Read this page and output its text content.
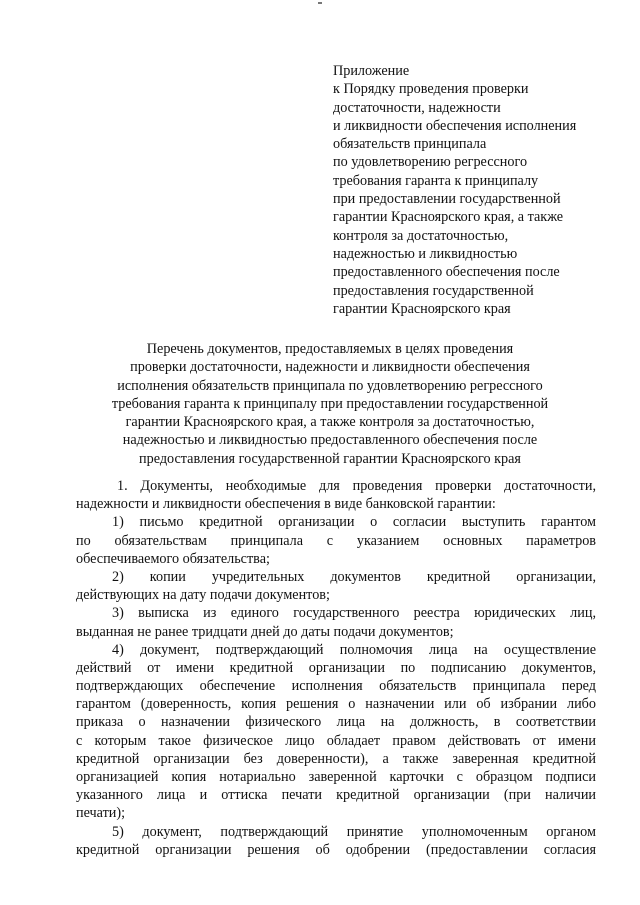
Приложение
к Порядку проведения проверки
достаточности, надежности
и ликвидности обеспечения исполнения
обязательств принципала
по удовлетворению регрессного
требования гаранта к принципалу
при предоставлении государственной
гарантии Красноярского края, а также
контроля за достаточностью,
надежностью и ликвидностью
предоставленного обеспечения после
предоставления государственной
гарантии Красноярского края
Перечень документов, предоставляемых в целях проведения
проверки достаточности, надежности и ликвидности обеспечения
исполнения обязательств принципала по удовлетворению регрессного
требования гаранта к принципалу при предоставлении государственной
гарантии Красноярского края, а также контроля за достаточностью,
надежностью и ликвидностью предоставленного обеспечения после
предоставления государственной гарантии Красноярского края
1. Документы, необходимые для проведения проверки достаточности,
надежности и ликвидности обеспечения в виде банковской гарантии:
1) письмо кредитной организации о согласии выступить гарантом
по обязательствам принципала с указанием основных параметров
обеспечиваемого обязательства;
2) копии учредительных документов кредитной организации,
действующих на дату подачи документов;
3) выписка из единого государственного реестра юридических лиц,
выданная не ранее тридцати дней до даты подачи документов;
4) документ, подтверждающий полномочия лица на осуществление
действий от имени кредитной организации по подписанию документов,
подтверждающих обеспечение исполнения обязательств принципала перед
гарантом (доверенность, копия решения о назначении или об избрании либо
приказа о назначении физического лица на должность, в соответствии
с которым такое физическое лицо обладает правом действовать от имени
кредитной организации без доверенности), а также заверенная кредитной
организацией копия нотариально заверенной карточки с образцом подписи
указанного лица и оттиска печати кредитной организации (при наличии
печати);
5) документ, подтверждающий принятие уполномоченным органом
кредитной организации решения об одобрении (предоставлении согласия
